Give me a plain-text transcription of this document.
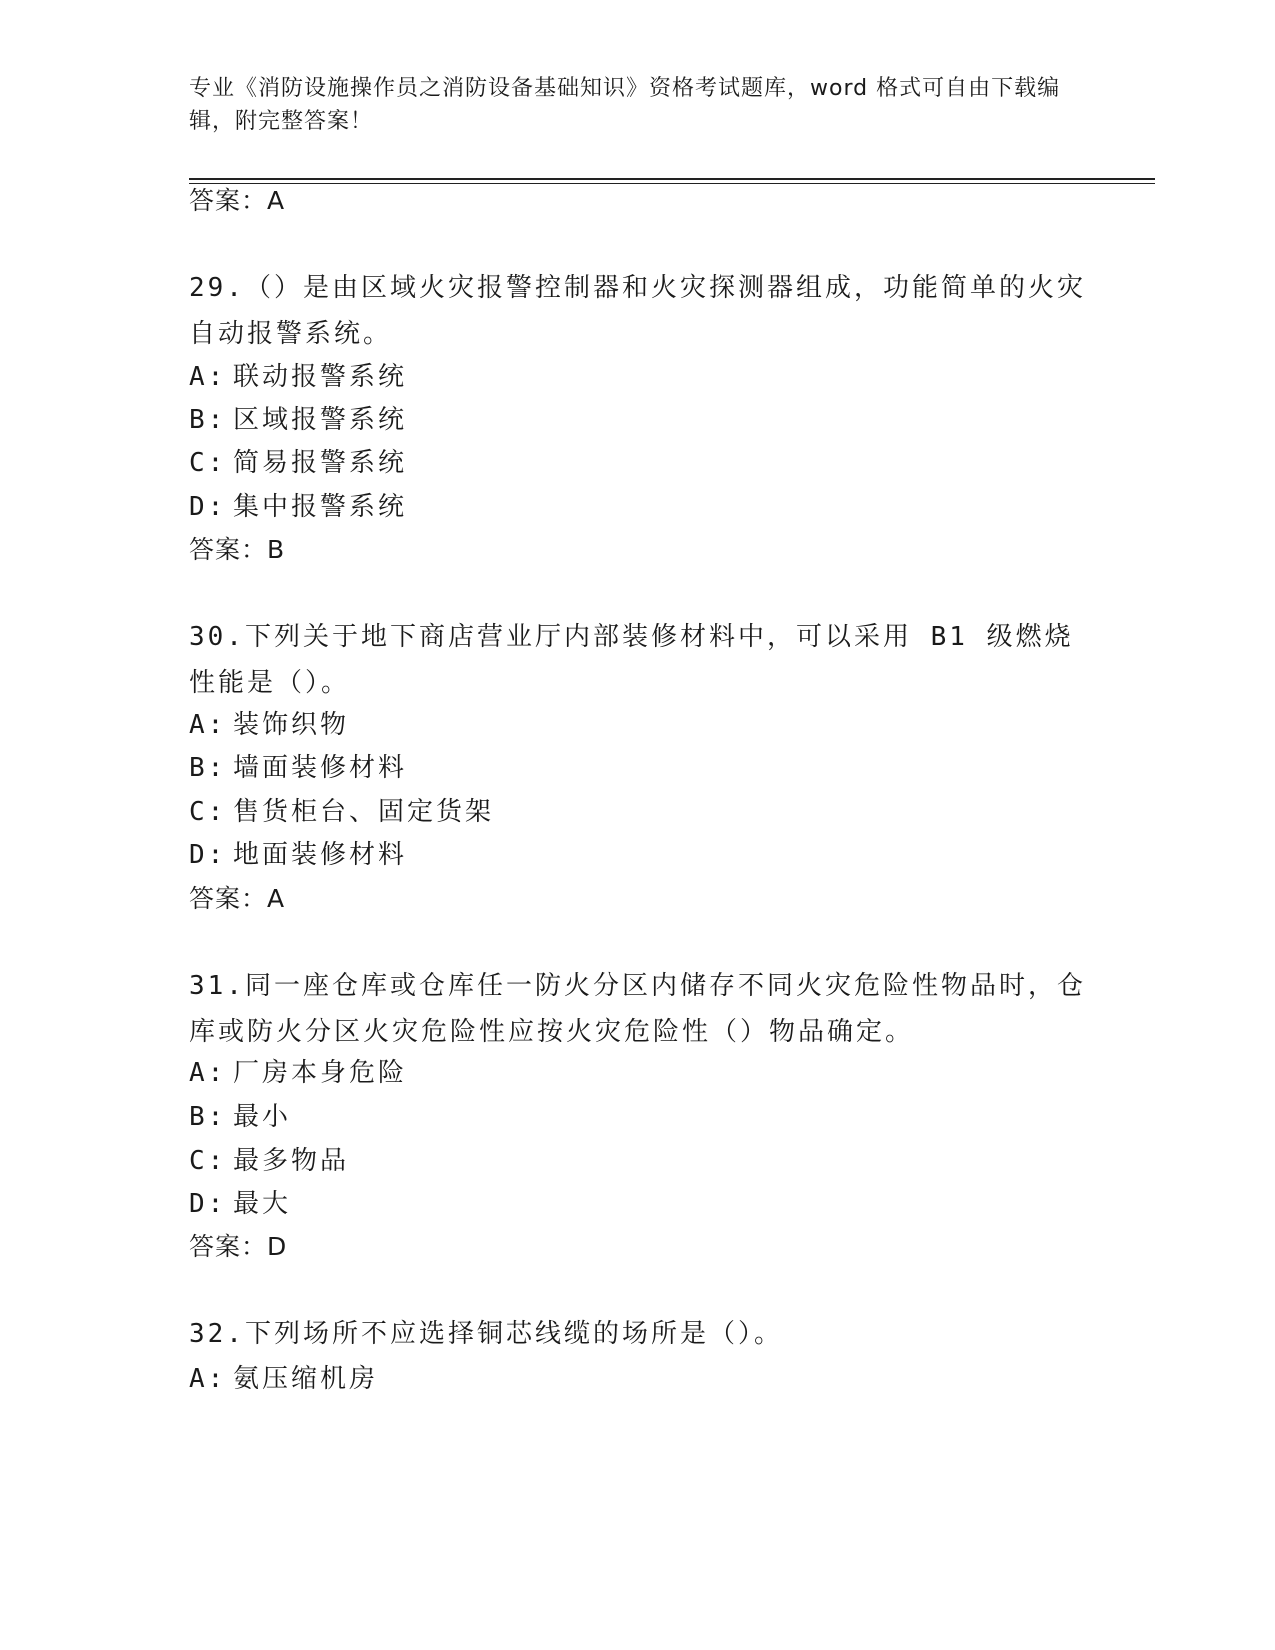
专业《消防设施操作员之消防设备基础知识》资格考试题库，word 格式可自由下载编辑，附完整答案！
答案：A
29.（）是由区域火灾报警控制器和火灾探测器组成，功能简单的火灾自动报警系统。
A: 联动报警系统
B: 区域报警系统
C: 简易报警系统
D: 集中报警系统
答案：B
30.下列关于地下商店营业厅内部装修材料中，可以采用 B1 级燃烧性能是（）。
A: 装饰织物
B: 墙面装修材料
C: 售货柜台、固定货架
D: 地面装修材料
答案：A
31.同一座仓库或仓库任一防火分区内储存不同火灾危险性物品时，仓库或防火分区火灾危险性应按火灾危险性（）物品确定。
A: 厂房本身危险
B: 最小
C: 最多物品
D: 最大
答案：D
32.下列场所不应选择铜芯线缆的场所是（）。
A: 氨压缩机房
